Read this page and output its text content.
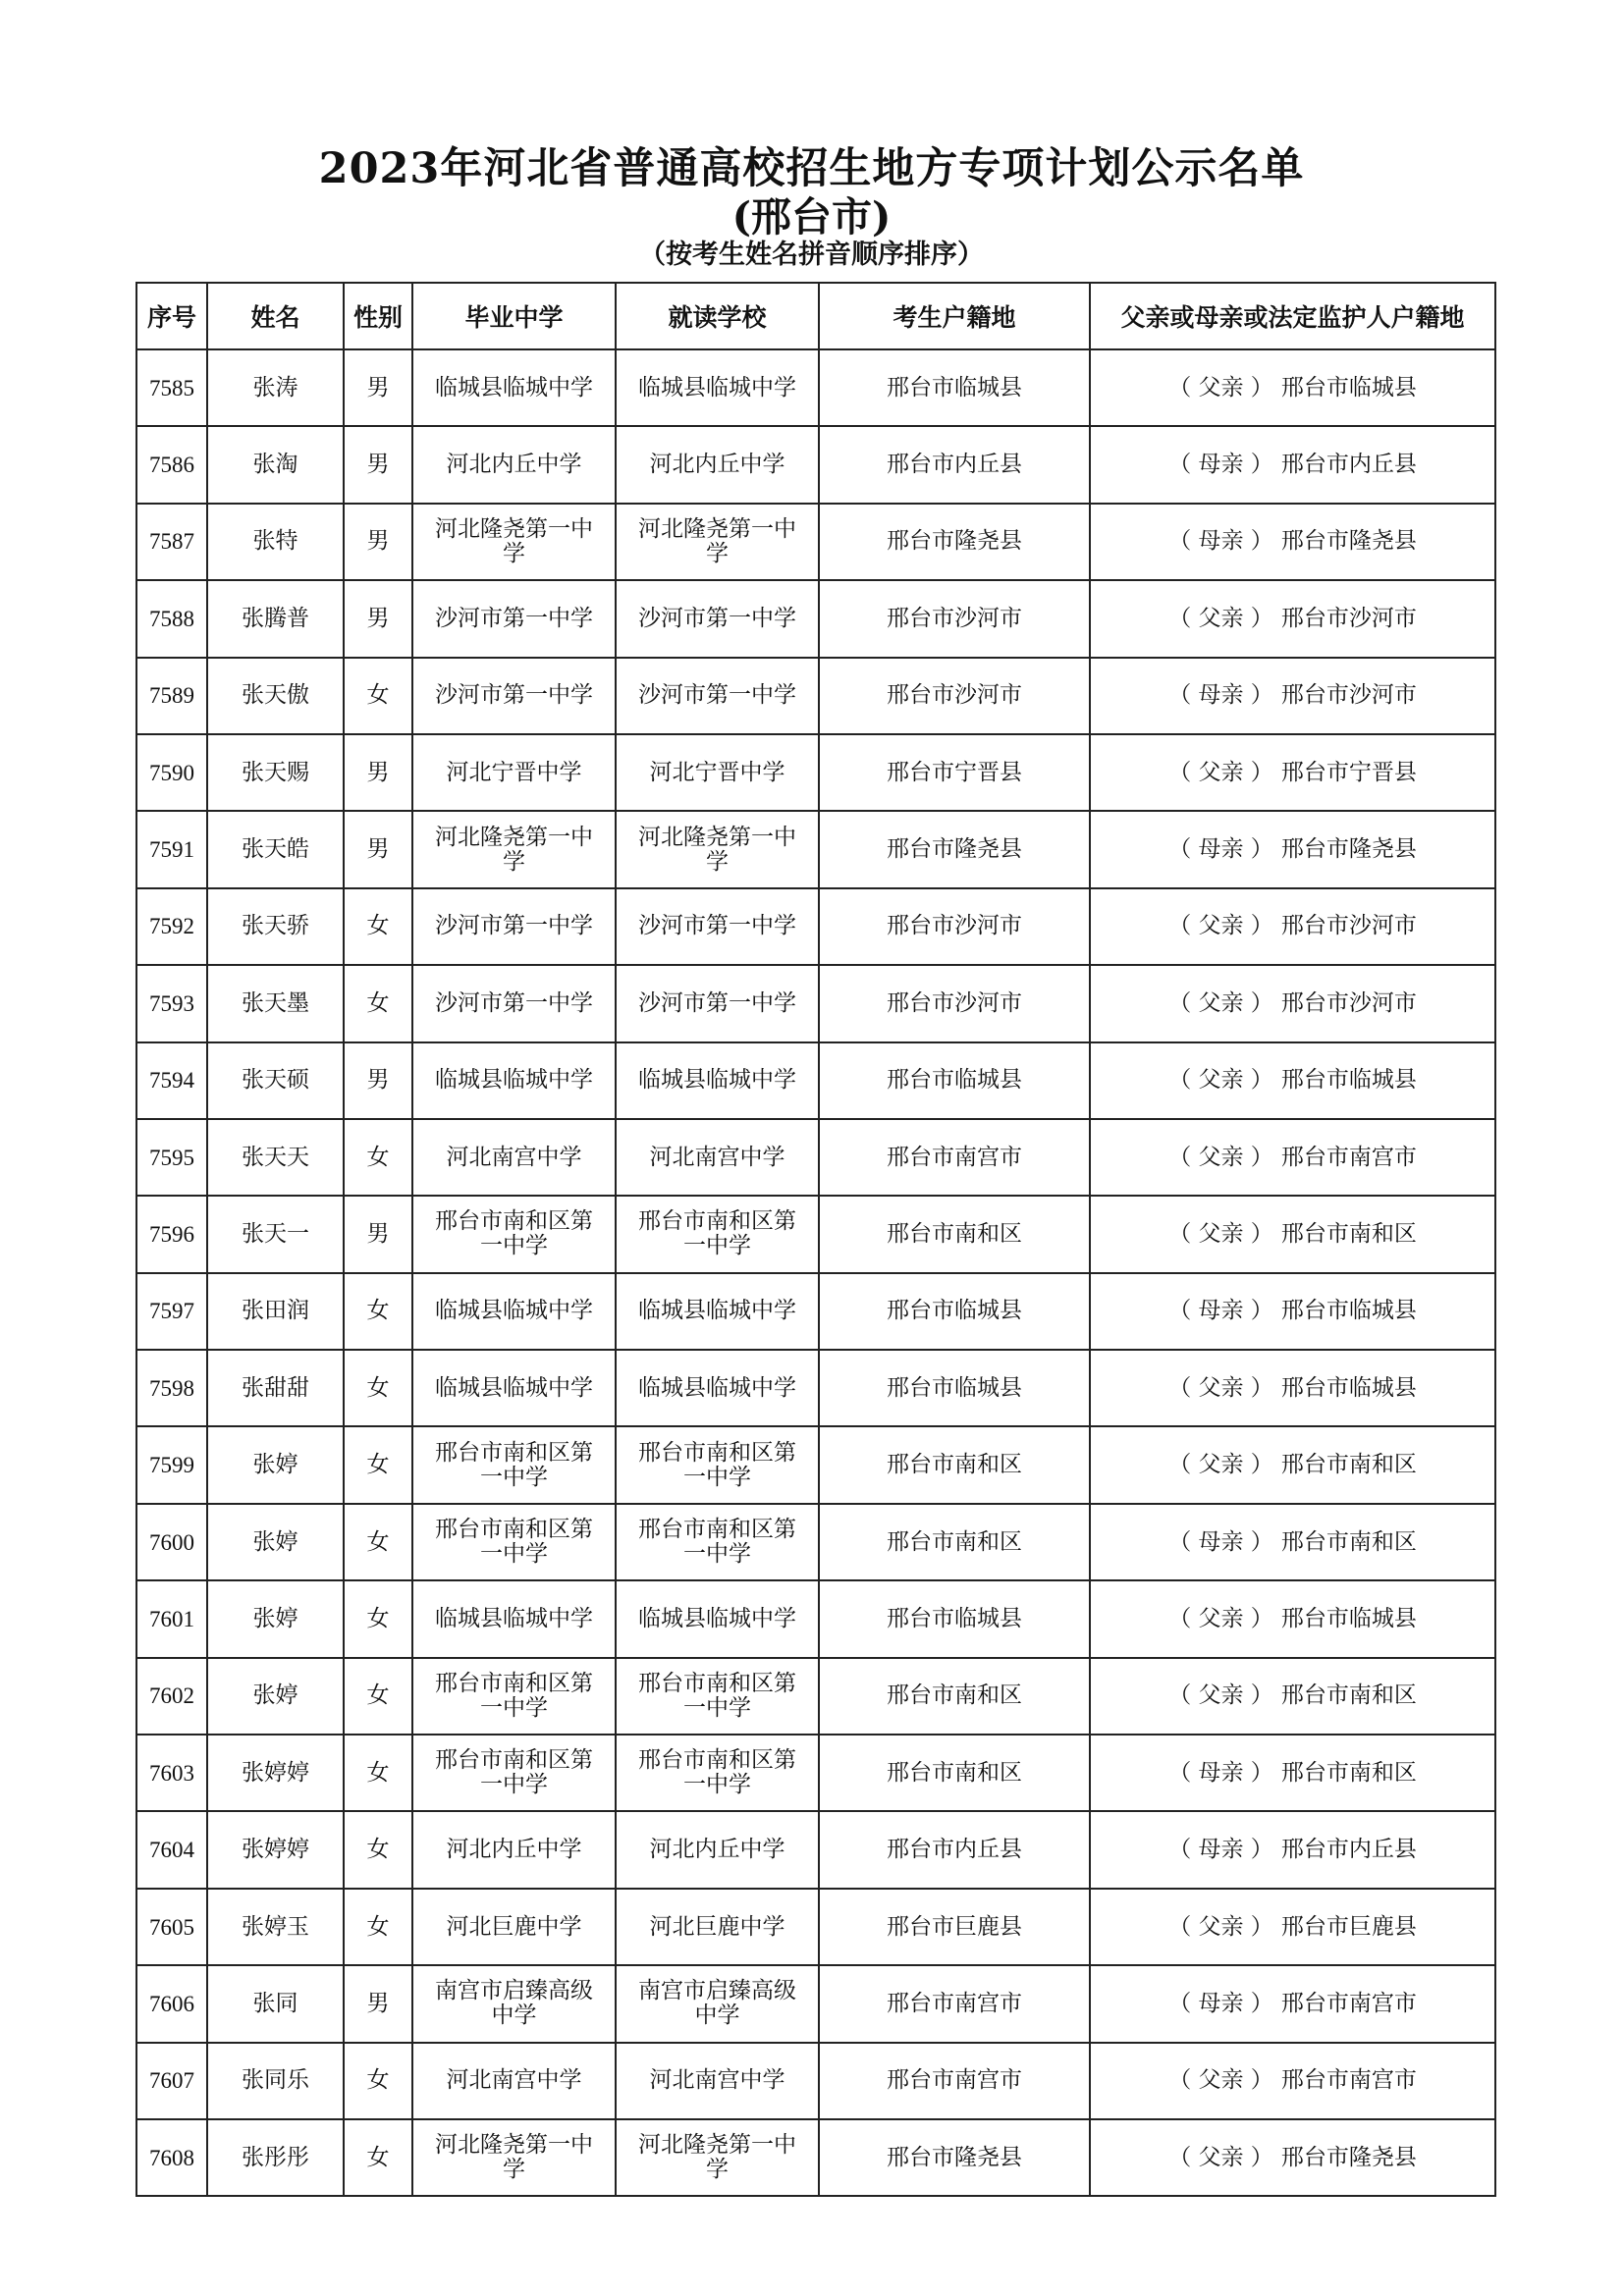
2023年河北省普通高校招生地方专项计划公示名单
(邢台市)
（按考生姓名拼音顺序排序）
序号	姓名	性别	毕业中学	就读学校	考生户籍地	父亲或母亲或法定监护人户籍地
7585	张涛	男	临城县临城中学	临城县临城中学	邢台市临城县	（ 父亲 ） 邢台市临城县
7586	张淘	男	河北内丘中学	河北内丘中学	邢台市内丘县	（ 母亲 ） 邢台市内丘县
7587	张特	男	河北隆尧第一中学	河北隆尧第一中学	邢台市隆尧县	（ 母亲 ） 邢台市隆尧县
7588	张腾普	男	沙河市第一中学	沙河市第一中学	邢台市沙河市	（ 父亲 ） 邢台市沙河市
7589	张天傲	女	沙河市第一中学	沙河市第一中学	邢台市沙河市	（ 母亲 ） 邢台市沙河市
7590	张天赐	男	河北宁晋中学	河北宁晋中学	邢台市宁晋县	（ 父亲 ） 邢台市宁晋县
7591	张天皓	男	河北隆尧第一中学	河北隆尧第一中学	邢台市隆尧县	（ 母亲 ） 邢台市隆尧县
7592	张天骄	女	沙河市第一中学	沙河市第一中学	邢台市沙河市	（ 父亲 ） 邢台市沙河市
7593	张天墨	女	沙河市第一中学	沙河市第一中学	邢台市沙河市	（ 父亲 ） 邢台市沙河市
7594	张天硕	男	临城县临城中学	临城县临城中学	邢台市临城县	（ 父亲 ） 邢台市临城县
7595	张天天	女	河北南宫中学	河北南宫中学	邢台市南宫市	（ 父亲 ） 邢台市南宫市
7596	张天一	男	邢台市南和区第一中学	邢台市南和区第一中学	邢台市南和区	（ 父亲 ） 邢台市南和区
7597	张田润	女	临城县临城中学	临城县临城中学	邢台市临城县	（ 母亲 ） 邢台市临城县
7598	张甜甜	女	临城县临城中学	临城县临城中学	邢台市临城县	（ 父亲 ） 邢台市临城县
7599	张婷	女	邢台市南和区第一中学	邢台市南和区第一中学	邢台市南和区	（ 父亲 ） 邢台市南和区
7600	张婷	女	邢台市南和区第一中学	邢台市南和区第一中学	邢台市南和区	（ 母亲 ） 邢台市南和区
7601	张婷	女	临城县临城中学	临城县临城中学	邢台市临城县	（ 父亲 ） 邢台市临城县
7602	张婷	女	邢台市南和区第一中学	邢台市南和区第一中学	邢台市南和区	（ 父亲 ） 邢台市南和区
7603	张婷婷	女	邢台市南和区第一中学	邢台市南和区第一中学	邢台市南和区	（ 母亲 ） 邢台市南和区
7604	张婷婷	女	河北内丘中学	河北内丘中学	邢台市内丘县	（ 母亲 ） 邢台市内丘县
7605	张婷玉	女	河北巨鹿中学	河北巨鹿中学	邢台市巨鹿县	（ 父亲 ） 邢台市巨鹿县
7606	张同	男	南宫市启臻高级中学	南宫市启臻高级中学	邢台市南宫市	（ 母亲 ） 邢台市南宫市
7607	张同乐	女	河北南宫中学	河北南宫中学	邢台市南宫市	（ 父亲 ） 邢台市南宫市
7608	张彤彤	女	河北隆尧第一中学	河北隆尧第一中学	邢台市隆尧县	（ 父亲 ） 邢台市隆尧县
